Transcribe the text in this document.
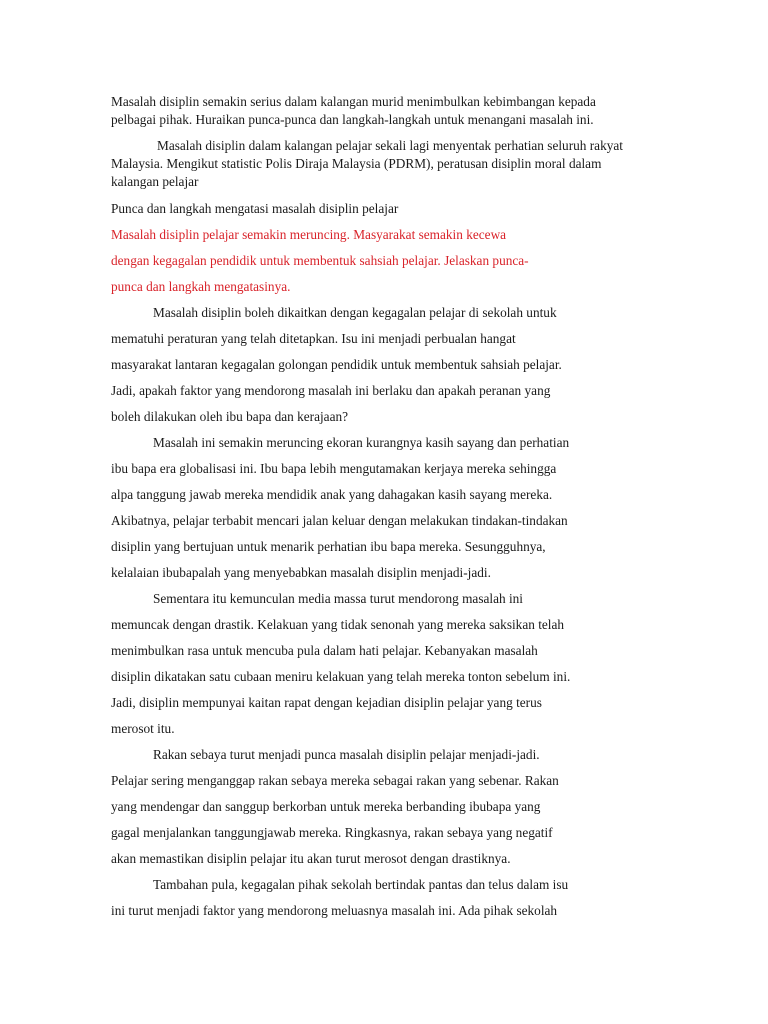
Masalah disiplin semakin serius dalam kalangan murid menimbulkan kebimbangan kepada
pelbagai pihak. Huraikan punca-punca dan langkah-langkah untuk menangani masalah ini.

Masalah disiplin dalam kalangan pelajar sekali lagi menyentak perhatian seluruh rakyat
Malaysia. Mengikut statistic Polis Diraja Malaysia (PDRM), peratusan disiplin moral dalam
kalangan pelajar

Punca dan langkah mengatasi masalah disiplin pelajar

Masalah disiplin pelajar semakin meruncing. Masyarakat semakin kecewa
dengan kegagalan pendidik untuk membentuk sahsiah pelajar. Jelaskan punca-
punca dan langkah mengatasinya.

Masalah disiplin boleh dikaitkan dengan kegagalan pelajar di sekolah untuk
mematuhi peraturan yang telah ditetapkan. Isu ini menjadi perbualan hangat
masyarakat lantaran kegagalan golongan pendidik untuk membentuk sahsiah pelajar.
Jadi, apakah faktor yang mendorong masalah ini berlaku dan apakah peranan yang
boleh dilakukan oleh ibu bapa dan kerajaan?
Masalah ini semakin meruncing ekoran kurangnya kasih sayang dan perhatian
ibu bapa era globalisasi ini. Ibu bapa lebih mengutamakan kerjaya mereka sehingga
alpa tanggung jawab mereka mendidik anak yang dahagakan kasih sayang mereka.
Akibatnya, pelajar terbabit mencari jalan keluar dengan melakukan tindakan-tindakan
disiplin yang bertujuan untuk menarik perhatian ibu bapa mereka. Sesungguhnya,
kelalaian ibubapalah yang menyebabkan masalah disiplin menjadi-jadi.
Sementara itu kemunculan media massa turut mendorong masalah ini
memuncak dengan drastik. Kelakuan yang tidak senonah yang mereka saksikan telah
menimbulkan rasa untuk mencuba pula dalam hati pelajar. Kebanyakan masalah
disiplin dikatakan satu cubaan meniru kelakuan yang telah mereka tonton sebelum ini.
Jadi, disiplin mempunyai kaitan rapat dengan kejadian disiplin pelajar yang terus
merosot itu.
Rakan sebaya turut menjadi punca masalah disiplin pelajar menjadi-jadi.
Pelajar sering menganggap rakan sebaya mereka sebagai rakan yang sebenar. Rakan
yang mendengar dan sanggup berkorban untuk mereka berbanding ibubapa yang
gagal menjalankan tanggungjawab mereka. Ringkasnya, rakan sebaya yang negatif
akan memastikan disiplin pelajar itu akan turut merosot dengan drastiknya.
Tambahan pula, kegagalan pihak sekolah bertindak pantas dan telus dalam isu
ini turut menjadi faktor yang mendorong meluasnya masalah ini. Ada pihak sekolah
